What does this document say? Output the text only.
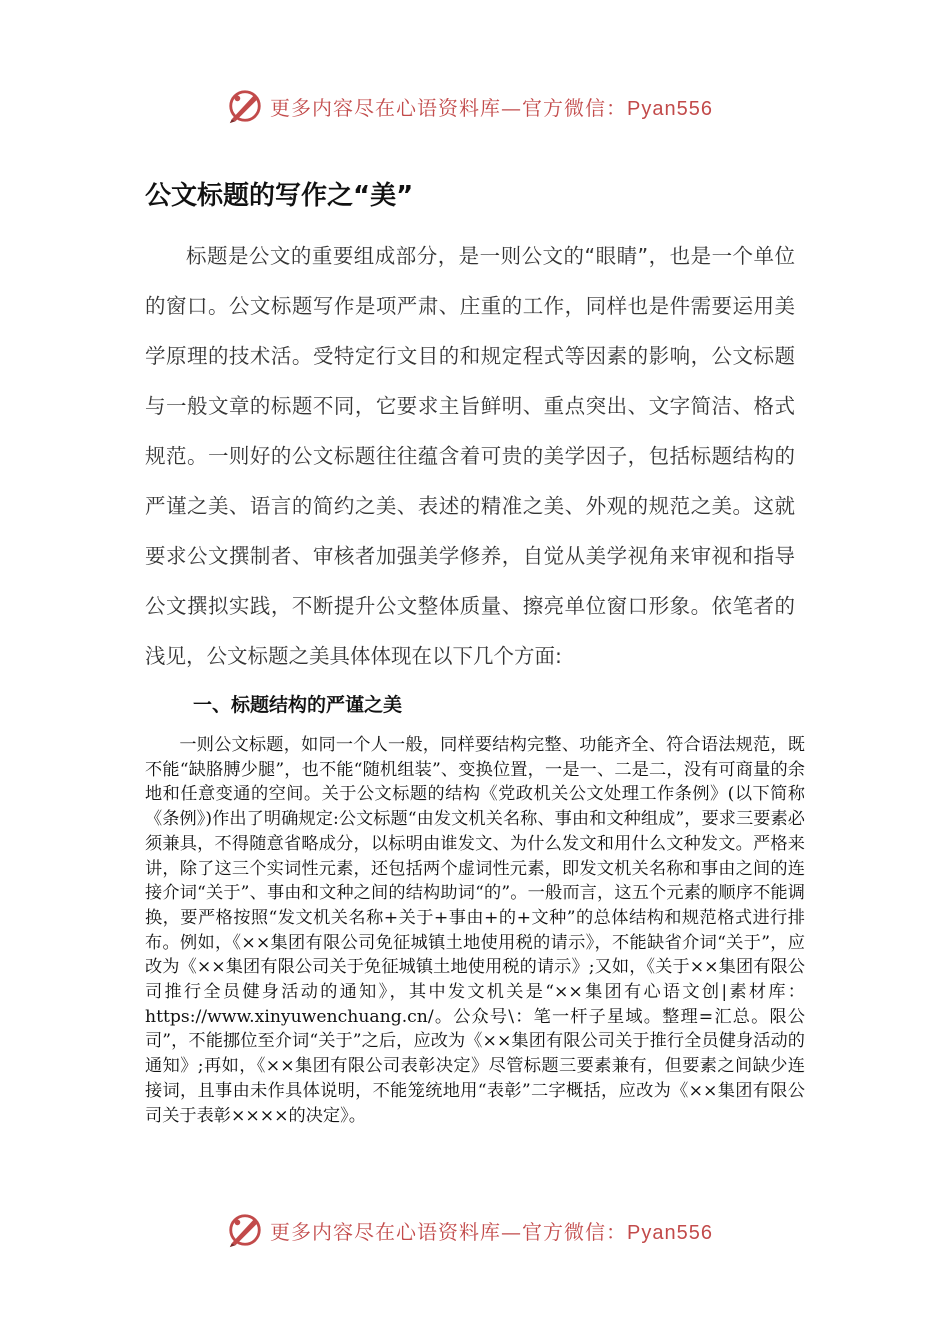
更多内容尽在心语资料库—官方微信：Pyan556
公文标题的写作之“美”
标题是公文的重要组成部分，是一则公文的“眼睛”，也是一个单位的窗口。公文标题写作是项严肃、庄重的工作，同样也是件需要运用美学原理的技术活。受特定行文目的和规定程式等因素的影响，公文标题与一般文章的标题不同，它要求主旨鲜明、重点突出、文字简洁、格式规范。一则好的公文标题往往蕴含着可贵的美学因子，包括标题结构的严谨之美、语言的简约之美、表述的精准之美、外观的规范之美。这就要求公文撰制者、审核者加强美学修养，自觉从美学视角来审视和指导公文撰拟实践，不断提升公文整体质量、擦亮单位窗口形象。依笔者的浅见，公文标题之美具体体现在以下几个方面:
一、标题结构的严谨之美
一则公文标题，如同一个人一般，同样要结构完整、功能齐全、符合语法规范，既不能“缺胳膊少腿”，也不能“随机组装”、变换位置，一是一、二是二，没有可商量的余地和任意变通的空间。关于公文标题的结构《党政机关公文处理工作条例》(以下简称《条例》)作出了明确规定:公文标题“由发文机关名称、事由和文种组成”，要求三要素必须兼具，不得随意省略成分，以标明由谁发文、为什么发文和用什么文种发文。严格来讲，除了这三个实词性元素，还包括两个虚词性元素，即发文机关名称和事由之间的连接介词“关于”、事由和文种之间的结构助词“的”。一般而言，这五个元素的顺序不能调换，要严格按照“发文机关名称+关于+事由+的+文种”的总体结构和规范格式进行排布。例如，《××集团有限公司免征城镇土地使用税的请示》，不能缺省介词“关于”，应改为《××集团有限公司关于免征城镇土地使用税的请示》;又如，《关于××集团有限公司推行全员健身活动的通知》，其中发文机关是“××集团有心语文创|素材库：https://www.xinyuwenchuang.cn/。公众号\：笔一杆子星域。整理=汇总。限公司”，不能挪位至介词“关于”之后，应改为《××集团有限公司关于推行全员健身活动的通知》;再如，《××集团有限公司表彰决定》尽管标题三要素兼有，但要素之间缺少连接词，且事由未作具体说明，不能笼统地用“表彰”二字概括，应改为《××集团有限公司关于表彰××××的决定》。
更多内容尽在心语资料库—官方微信：Pyan556
